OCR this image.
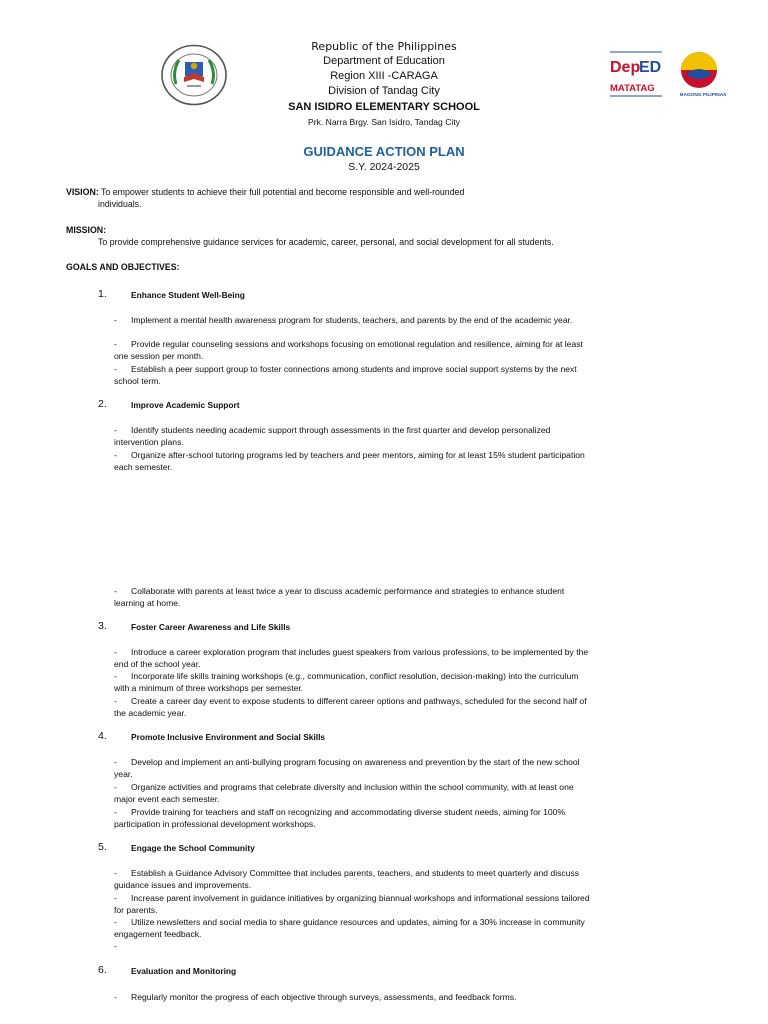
Republic of the Philippines
Department of Education
Region XIII -CARAGA
Division of Tandag City
SAN ISIDRO ELEMENTARY SCHOOL
Prk. Narra Brgy. San Isidro, Tandag City
Dep
ED
MATATAG
BAGONG PILIPINAS
GUIDANCE ACTION PLAN
S.Y. 2024-2025
VISION: To empower students to achieve their full potential and become responsible and well-rounded
individuals.
MISSION:
To provide comprehensive guidance services for academic, career, personal, and social development for all students.
GOALS AND OBJECTIVES:
1.	Enhance Student Well-Being
- Implement a mental health awareness program for students, teachers, and parents by the end of the academic year.
- Provide regular counseling sessions and workshops focusing on emotional regulation and resilience, aiming for at least one session per month.
- Establish a peer support group to foster connections among students and improve social support systems by the next school term.
2.	Improve Academic Support
- Identify students needing academic support through assessments in the first quarter and develop personalized intervention plans.
- Organize after-school tutoring programs led by teachers and peer mentors, aiming for at least 15% student participation each semester.
- Collaborate with parents at least twice a year to discuss academic performance and strategies to enhance student learning at home.
3.	Foster Career Awareness and Life Skills
- Introduce a career exploration program that includes guest speakers from various professions, to be implemented by the end of the school year.
- Incorporate life skills training workshops (e.g., communication, conflict resolution, decision-making) into the curriculum with a minimum of three workshops per semester.
- Create a career day event to expose students to different career options and pathways, scheduled for the second half of the academic year.
4.	Promote Inclusive Environment and Social Skills
- Develop and implement an anti-bullying program focusing on awareness and prevention by the start of the new school year.
- Organize activities and programs that celebrate diversity and inclusion within the school community, with at least one major event each semester.
- Provide training for teachers and staff on recognizing and accommodating diverse student needs, aiming for 100% participation in professional development workshops.
5.	Engage the School Community
- Establish a Guidance Advisory Committee that includes parents, teachers, and students to meet quarterly and discuss guidance issues and improvements.
- Increase parent involvement in guidance initiatives by organizing biannual workshops and informational sessions tailored for parents.
- Utilize newsletters and social media to share guidance resources and updates, aiming for a 30% increase in community engagement feedback.
-
6.	Evaluation and Monitoring
- Regularly monitor the progress of each objective through surveys, assessments, and feedback forms.
